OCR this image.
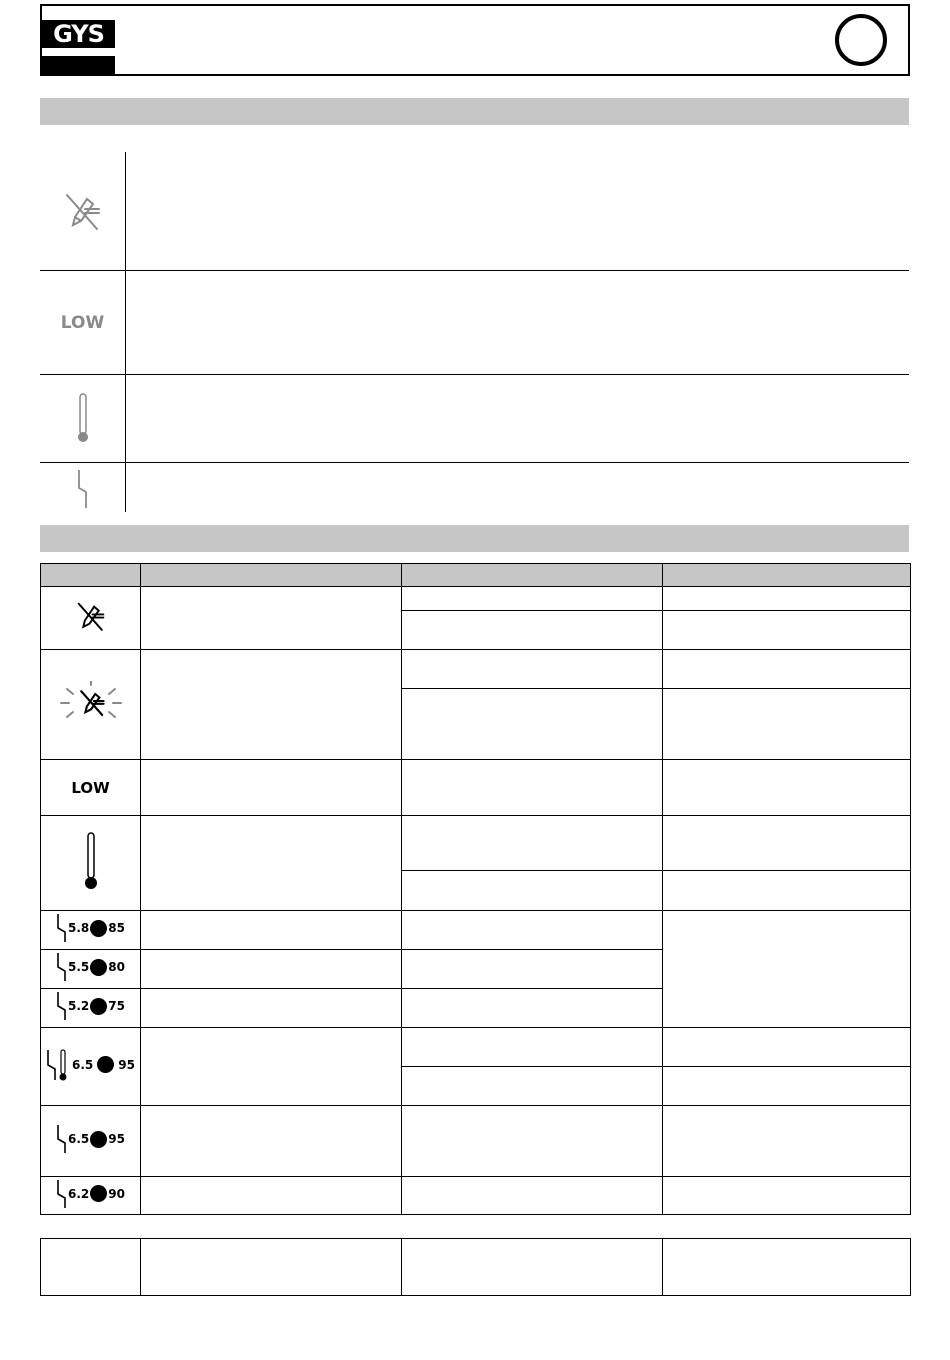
GYS
LOW

LOW			

5.8 85			

5.5 80			

5.2 75			

6.5 95			

6.5 95			

6.2 90			
